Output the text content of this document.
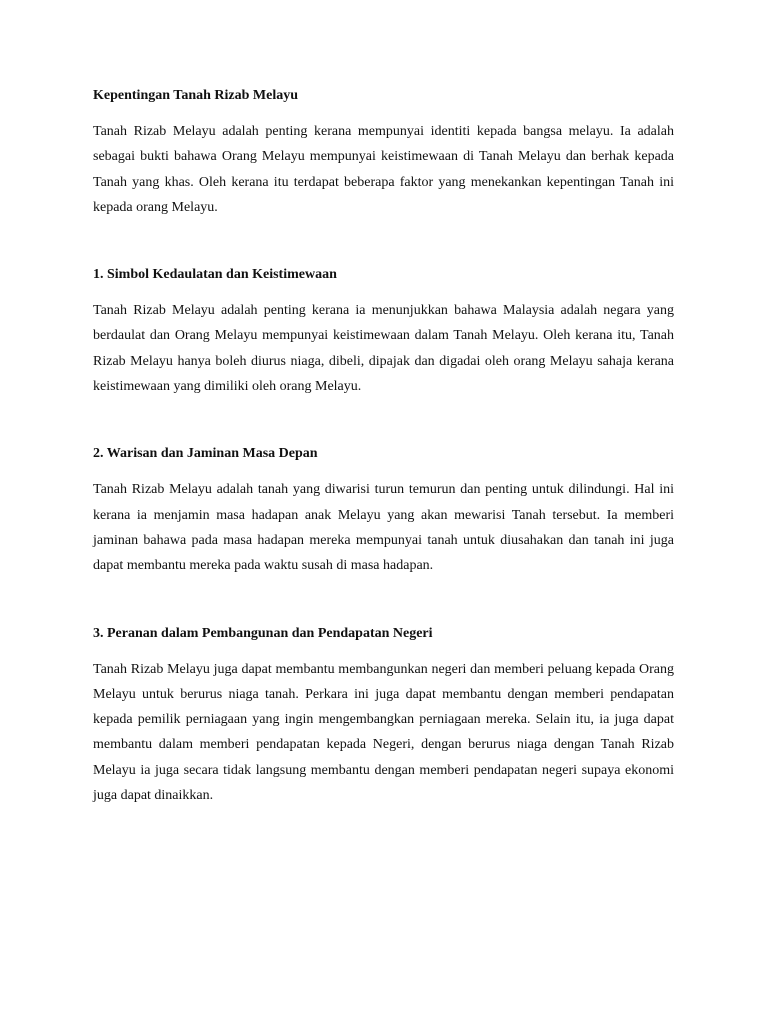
Kepentingan Tanah Rizab Melayu

Tanah Rizab Melayu adalah penting kerana mempunyai identiti kepada bangsa melayu. Ia adalah sebagai bukti bahawa Orang Melayu mempunyai keistimewaan di Tanah Melayu dan berhak kepada Tanah yang khas. Oleh kerana itu terdapat beberapa faktor yang menekankan kepentingan Tanah ini kepada orang Melayu.

1. Simbol Kedaulatan dan Keistimewaan

Tanah Rizab Melayu adalah penting kerana ia menunjukkan bahawa Malaysia adalah negara yang berdaulat dan Orang Melayu mempunyai keistimewaan dalam Tanah Melayu. Oleh kerana itu, Tanah Rizab Melayu hanya boleh diurus niaga, dibeli, dipajak dan digadai oleh orang Melayu sahaja kerana keistimewaan yang dimiliki oleh orang Melayu.

2. Warisan dan Jaminan Masa Depan

Tanah Rizab Melayu adalah tanah yang diwarisi turun temurun dan penting untuk dilindungi. Hal ini kerana ia menjamin masa hadapan anak Melayu yang akan mewarisi Tanah tersebut. Ia memberi jaminan bahawa pada masa hadapan mereka mempunyai tanah untuk diusahakan dan tanah ini juga dapat membantu mereka pada waktu susah di masa hadapan.

3. Peranan dalam Pembangunan dan Pendapatan Negeri

Tanah Rizab Melayu juga dapat membantu membangunkan negeri dan memberi peluang kepada Orang Melayu untuk berurus niaga tanah. Perkara ini juga dapat membantu dengan memberi pendapatan kepada pemilik perniagaan yang ingin mengembangkan perniagaan mereka. Selain itu, ia juga dapat membantu dalam memberi pendapatan kepada Negeri, dengan berurus niaga dengan Tanah Rizab Melayu ia juga secara tidak langsung membantu dengan memberi pendapatan negeri supaya ekonomi juga dapat dinaikkan.
